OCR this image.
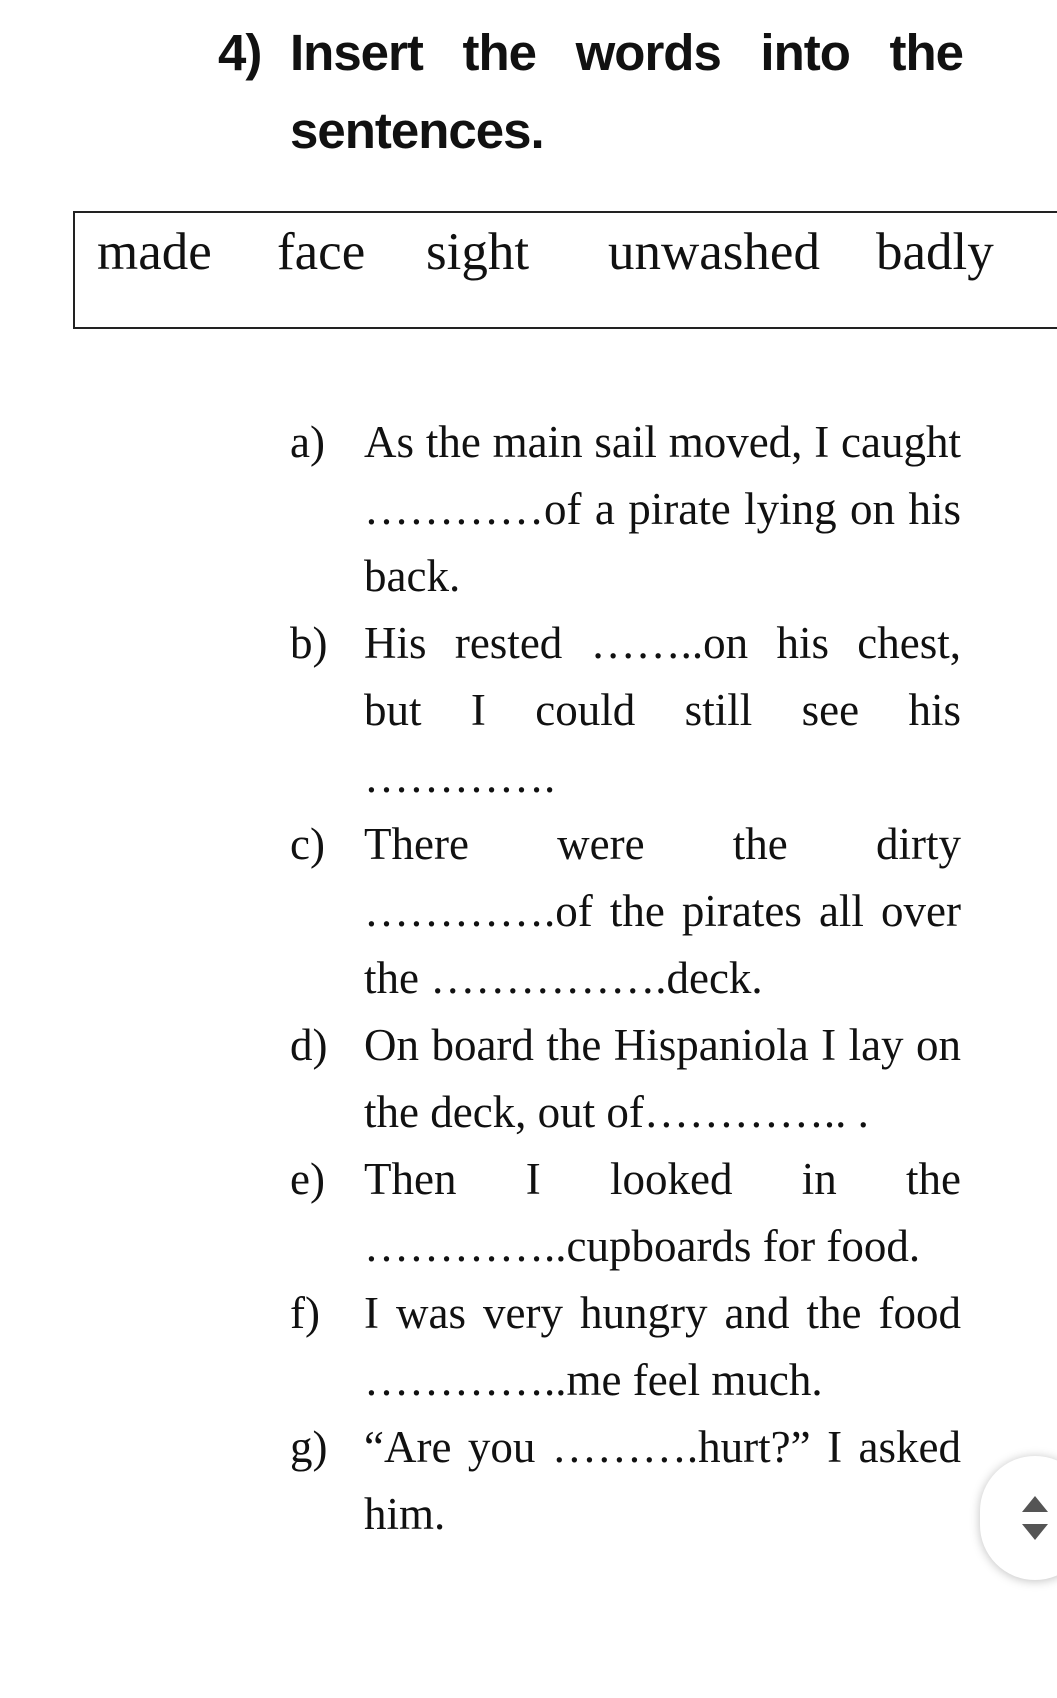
4) Insert the words into the sentences.
made face sight unwashed badly
a) As the main sail moved, I caught …………of a pirate lying on his back.
b) His rested ……..on his chest, but I could still see his ………….
c) There were the dirty ………….of the pirates all over the …………….deck.
d) On board the Hispaniola I lay on the deck, out of………….. .
e) Then I looked in the …………..cupboards for food.
f) I was very hungry and the food …………..me feel much.
g) “Are you ……….hurt?” I asked him.
